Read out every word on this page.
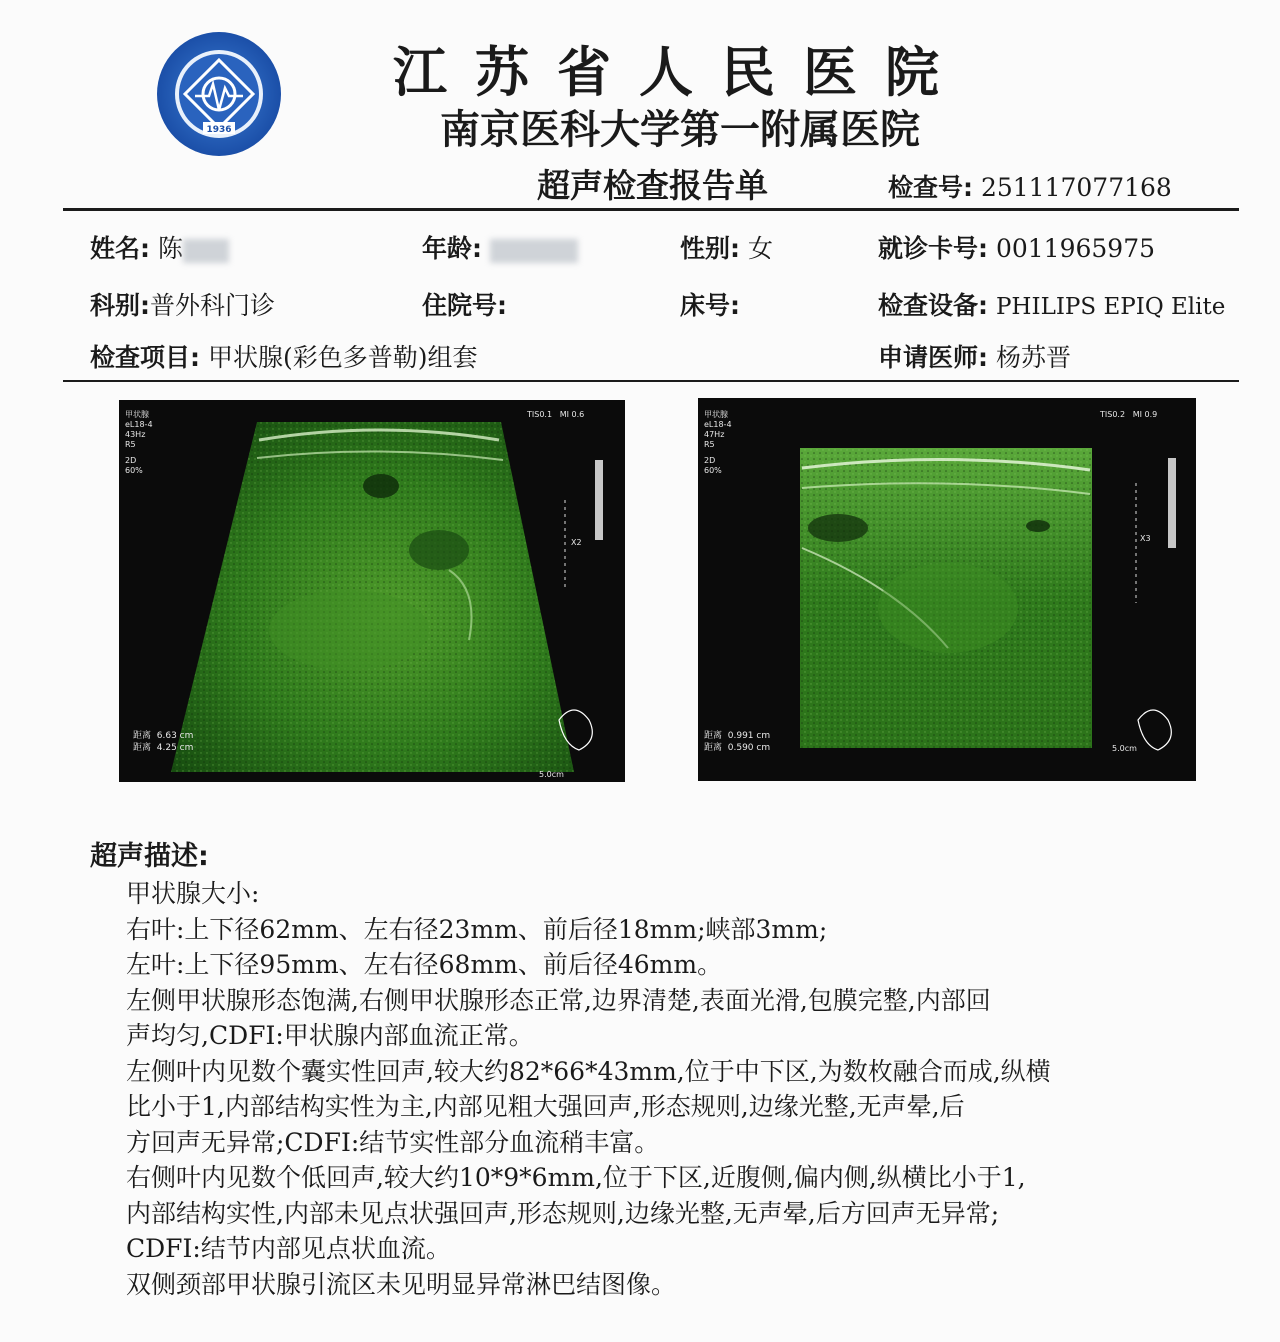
1936
江苏省人民医院
南京医科大学第一附属医院
超声检查报告单	检查号: 251117077168
姓名: 陈	年龄:	性别: 女	就诊卡号: 0011965975
科别:普外科门诊	住院号:	床号:	检查设备: PHILIPS EPIQ Elite
检查项目: 甲状腺(彩色多普勒)组套	申请医师: 杨苏晋
甲状腺
eL18-4
43Hz
R5
2D
60%
TIS0.1 MI 0.6
X2
距离 6.63 cm
距离 4.25 cm
5.0cm
甲状腺
eL18-4
47Hz
R5
2D
60%
TIS0.2 MI 0.9
X3
距离 0.991 cm
距离 0.590 cm	5.0cm
超声描述:
甲状腺大小:
右叶:上下径62mm、左右径23mm、前后径18mm;峡部3mm;
左叶:上下径95mm、左右径68mm、前后径46mm。
左侧甲状腺形态饱满,右侧甲状腺形态正常,边界清楚,表面光滑,包膜完整,内部回
声均匀,CDFI:甲状腺内部血流正常。
左侧叶内见数个囊实性回声,较大约82*66*43mm,位于中下区,为数枚融合而成,纵横
比小于1,内部结构实性为主,内部见粗大强回声,形态规则,边缘光整,无声晕,后
方回声无异常;CDFI:结节实性部分血流稍丰富。
右侧叶内见数个低回声,较大约10*9*6mm,位于下区,近腹侧,偏内侧,纵横比小于1,
内部结构实性,内部未见点状强回声,形态规则,边缘光整,无声晕,后方回声无异常;
CDFI:结节内部见点状血流。
双侧颈部甲状腺引流区未见明显异常淋巴结图像。
